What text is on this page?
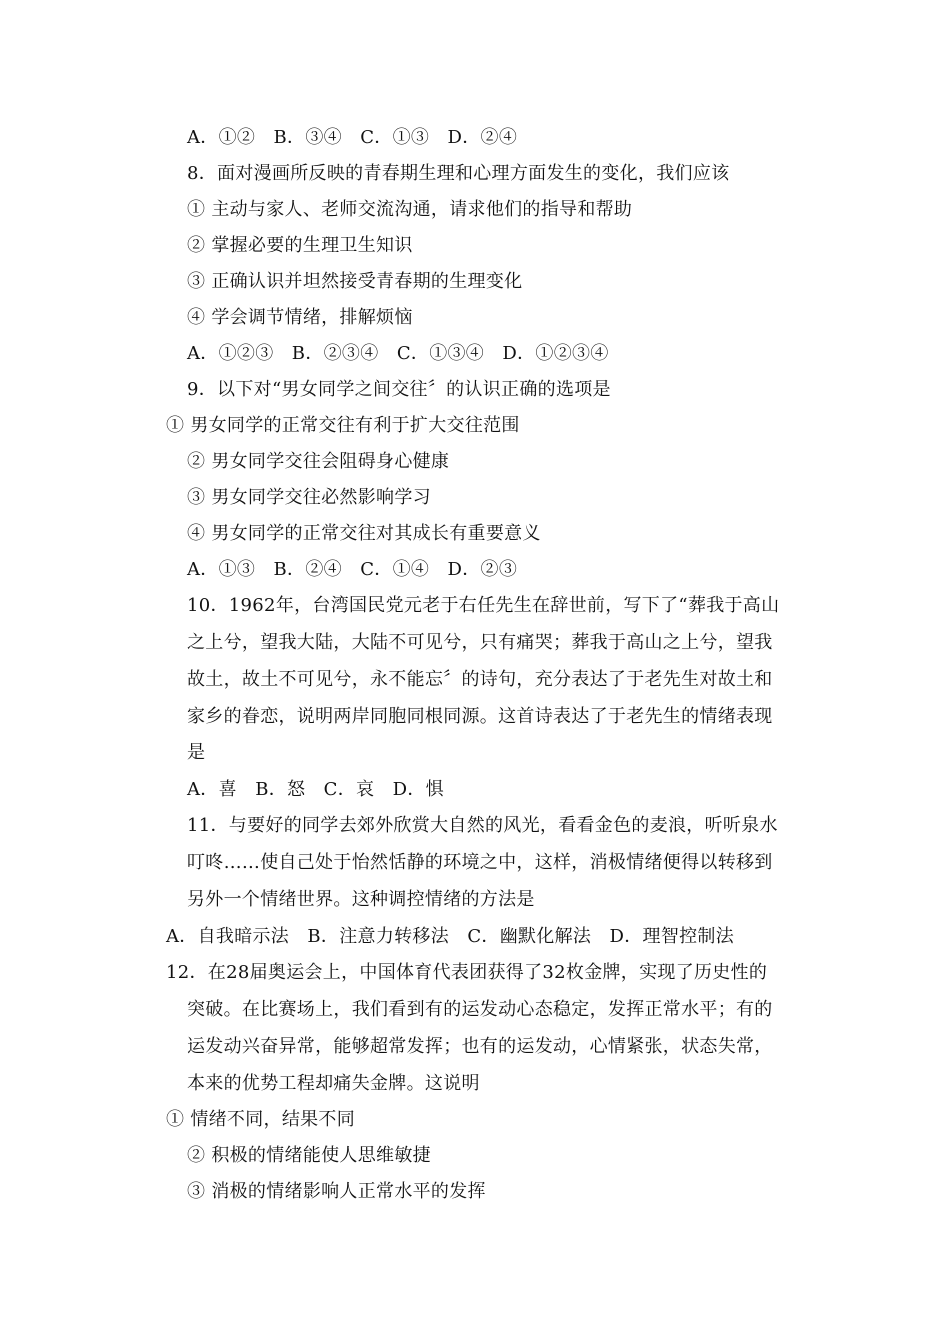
A．①②　B．③④　C．①③　D．②④
8．面对漫画所反映的青春期生理和心理方面发生的变化，我们应该
① 主动与家人、老师交流沟通，请求他们的指导和帮助
② 掌握必要的生理卫生知识
③ 正确认识并坦然接受青春期的生理变化
④ 学会调节情绪，排解烦恼
A．①②③　B．②③④　C．①③④　D．①②③④
9．以下对“男女同学之间交往〞的认识正确的选项是
① 男女同学的正常交往有利于扩大交往范围
② 男女同学交往会阻碍身心健康
③ 男女同学交往必然影响学习
④ 男女同学的正常交往对其成长有重要意义
A．①③　B．②④　C．①④　D．②③
10．1962年，台湾国民党元老于右任先生在辞世前，写下了“葬我于高山
之上兮，望我大陆，大陆不可见兮，只有痛哭；葬我于高山之上兮，望我
故土，故土不可见兮，永不能忘〞的诗句，充分表达了于老先生对故土和
家乡的眷恋，说明两岸同胞同根同源。这首诗表达了于老先生的情绪表现
是
A．喜　B．怒　C．哀　D．惧
11．与要好的同学去郊外欣赏大自然的风光，看看金色的麦浪，听听泉水
叮咚……使自己处于怡然恬静的环境之中，这样，消极情绪便得以转移到
另外一个情绪世界。这种调控情绪的方法是
A．自我暗示法　B．注意力转移法　C．幽默化解法　D．理智控制法
12．在28届奥运会上，中国体育代表团获得了32枚金牌，实现了历史性的
突破。在比赛场上，我们看到有的运发动心态稳定，发挥正常水平；有的
运发动兴奋异常，能够超常发挥；也有的运发动，心情紧张，状态失常，
本来的优势工程却痛失金牌。这说明
① 情绪不同，结果不同
② 积极的情绪能使人思维敏捷
③ 消极的情绪影响人正常水平的发挥
